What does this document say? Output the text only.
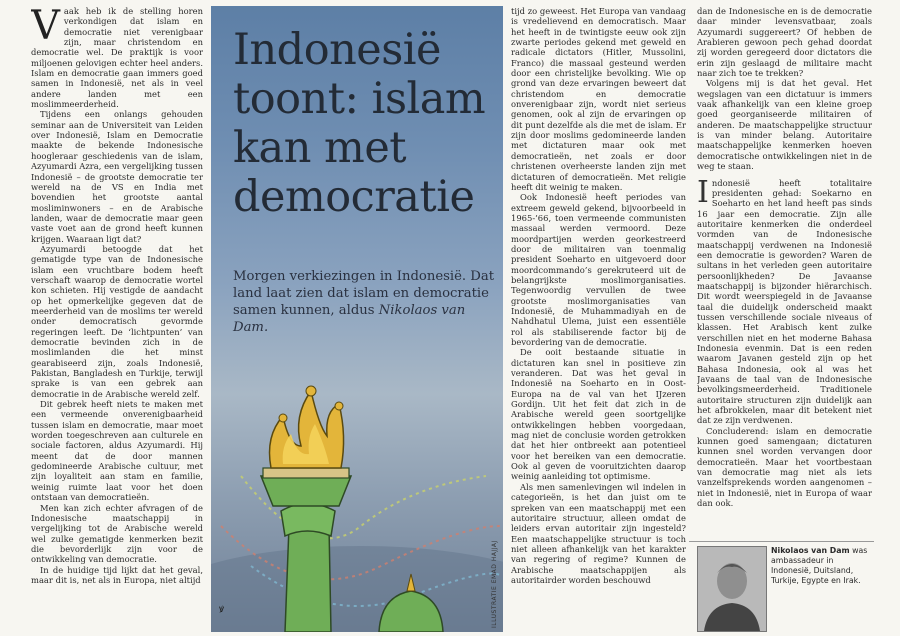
Vaak heb ik de stelling horen verkondigen dat islam en democratie niet verenigbaar zijn, maar christendom en democratie wel. De praktijk is voor miljoenen gelovigen echter heel anders. Islam en democratie gaan immers goed samen in Indonesië, net als in veel andere landen met een moslimmeerderheid.

Tijdens een onlangs gehouden seminar aan de Universiteit van Leiden over Indonesië, Islam en Democratie maakte de bekende Indonesische hoogleraar geschiedenis van de islam, Azyumardi Azra, een vergelijking tussen Indonesië – de grootste democratie ter wereld na de VS en India met bovendien het grootste aantal mosliminwoners – en de Arabische landen, waar de democratie maar geen vaste voet aan de grond heeft kunnen krijgen. Waaraan ligt dat?

Azyumardi betoogde dat het gematigde type van de Indonesische islam een vruchtbare bodem heeft verschaft waarop de democratie wortel kon schieten. Hij vestigde de aandacht op het opmerkelijke gegeven dat de meerderheid van de moslims ter wereld onder democratisch gevormde regeringen leeft. De ‘lichtpunten’ van democratie bevinden zich in de moslimlanden die het minst gearabiseerd zijn, zoals Indonesië, Pakistan, Bangladesh en Turkije, terwijl sprake is van een gebrek aan democratie in de Arabische wereld zelf.

Dit gebrek heeft niets te maken met een vermeende onverenigbaarheid tussen islam en democratie, maar moet worden toegeschreven aan culturele en sociale factoren, aldus Azyumardi. Hij meent dat de door mannen gedomineerde Arabische cultuur, met zijn loyaliteit aan stam en familie, weinig ruimte laat voor het doen ontstaan van democratieën.

Men kan zich echter afvragen of de Indonesische maatschappij in vergelijking tot de Arabische wereld wel zulke gematigde kenmerken bezit die bevorderlijk zijn voor de ontwikkeling van democratie.

In de huidige tijd lijkt dat het geval, maar dit is, net als in Europa, niet altijd

ꝟ
Indonesië toont: islam kan met democratie
Morgen verkiezingen in Indonesië. Dat land laat zien dat islam en democratie samen kunnen, aldus Nikolaos van Dam.
ILLUSTRATIE EMAD HAJJAJ

tijd zo geweest. Het Europa van vandaag is vredelievend en democratisch. Maar het heeft in de twintigste eeuw ook zijn zwarte periodes gekend met geweld en radicale dictators (Hitler, Mussolini, Franco) die massaal gesteund werden door een christelijke bevolking. Wie op grond van deze ervaringen beweert dat christendom en democratie onverenigbaar zijn, wordt niet serieus genomen, ook al zijn de ervaringen op dit punt dezelfde als die met de islam. Er zijn door moslims gedomineerde landen met dictaturen maar ook met democratieën, net zoals er door christenen overheerste landen zijn met dictaturen of democratieën. Met religie heeft dit weinig te maken.

Ook Indonesië heeft periodes van extreem geweld gekend, bijvoorbeeld in 1965-’66, toen vermeende communisten massaal werden vermoord. Deze moordpartijen werden georkestreerd door de militairen van toenmalig president Soeharto en uitgevoerd door moordcommando’s gerekruteerd uit de belangrijkste moslimorganisaties. Tegenwoordig vervullen de twee grootste moslimorganisaties van Indonesië, de Muhammadiyah en de Nahdhatul Ulema, juist een essentiële rol als stabiliserende factor bij de bevordering van de democratie.

De ooit bestaande situatie in dictaturen kan snel in positieve zin veranderen. Dat was het geval in Indonesië na Soeharto en in Oost-Europa na de val van het IJzeren Gordijn. Uit het feit dat zich in de Arabische wereld geen soortgelijke ontwikkelingen hebben voorgedaan, mag niet de conclusie worden getrokken dat het hier ontbreekt aan potentieel voor het bereiken van een democratie. Ook al geven de vooruitzichten daarop weinig aanleiding tot optimisme.

Als men samenlevingen wil indelen in categorieën, is het dan juist om te spreken van een maatschappij met een autoritaire structuur, alleen omdat de leiders ervan autoritair zijn ingesteld? Een maatschappelijke structuur is toch niet alleen afhankelijk van het karakter van regering of regime? Kunnen de Arabische maatschappijen als autoritairder worden beschouwd

dan de Indonesische en is de democratie daar minder levensvatbaar, zoals Azyumardi suggereert? Of hebben de Arabieren gewoon pech gehad doordat zij worden geregeerd door dictators die erin zijn geslaagd de militaire macht naar zich toe te trekken?

Volgens mij is dat het geval. Het wegslagen van een dictatuur is immers vaak afhankelijk van een kleine groep goed georganiseerde militairen of anderen. De maatschappelijke structuur is van minder belang. Autoritaire maatschappelijke kenmerken hoeven democratische ontwikkelingen niet in de weg te staan.

Indonesië heeft totalitaire presidenten gehad: Soekarno en Soeharto en het land heeft pas sinds 16 jaar een democratie. Zijn alle autoritaire kenmerken die onderdeel vormden van de Indonesische maatschappij verdwenen na Indonesië een democratie is geworden? Waren de sultans in het verleden geen autoritaire persoonlijkheden? De Javaanse maatschappij is bijzonder hiërarchisch. Dit wordt weerspiegeld in de Javaanse taal die duidelijk onderscheid maakt tussen verschillende sociale niveaus of klassen. Het Arabisch kent zulke verschillen niet en het moderne Bahasa Indonesia evenmin. Dat is een reden waarom Javanen gesteld zijn op het Bahasa Indonesia, ook al was het Javaans de taal van de Indonesische bevolkingsmeerderheid. Traditionele autoritaire structuren zijn duidelijk aan het afbrokkelen, maar dit betekent niet dat ze zijn verdwenen.

Concluderend: islam en democratie kunnen goed samengaan; dictaturen kunnen snel worden vervangen door democratieën. Maar het voortbestaan van democratie mag niet als iets vanzelfsprekends worden aangenomen – niet in Indonesië, niet in Europa of waar dan ook.

Nikolaos van Dam was ambassadeur in Indonesië, Duitsland, Turkije, Egypte en Irak.
